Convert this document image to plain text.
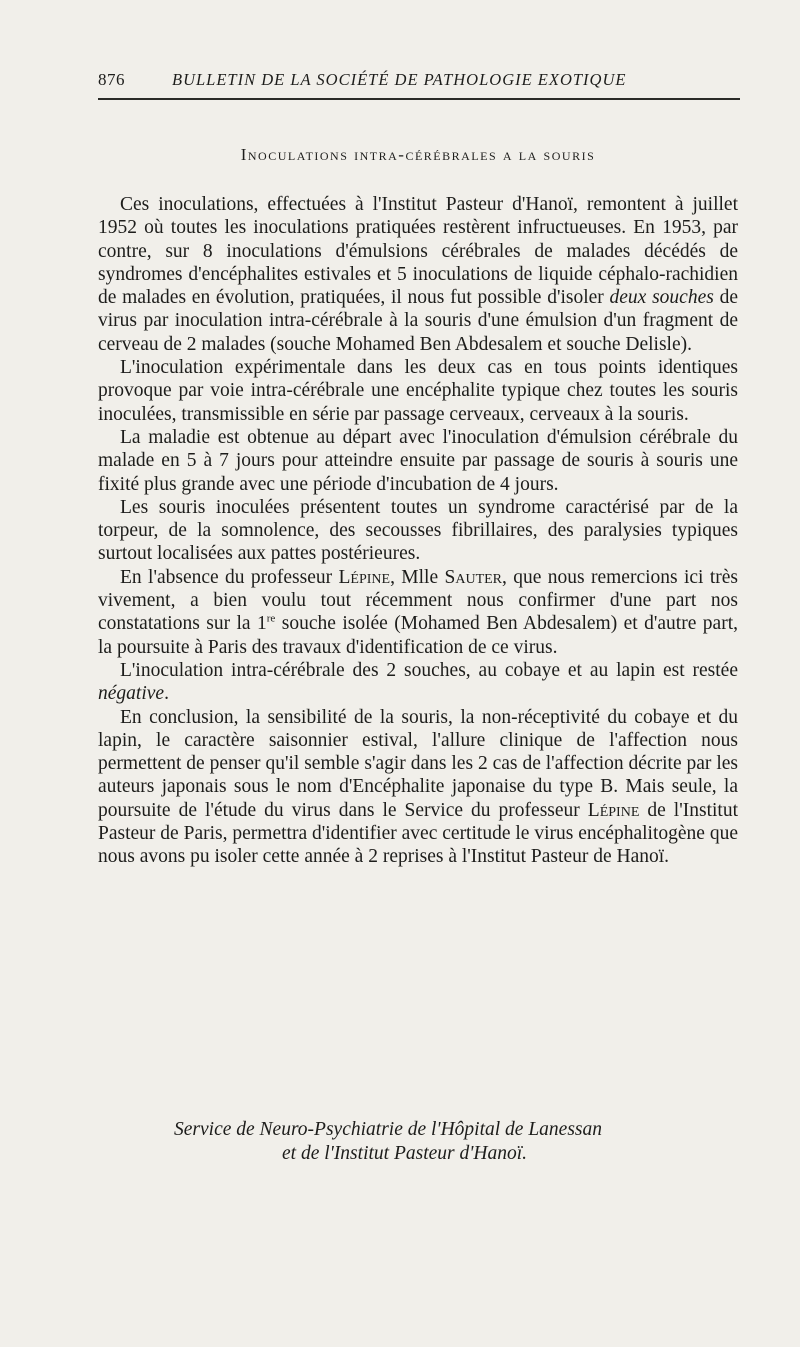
876	BULLETIN DE LA SOCIÉTÉ DE PATHOLOGIE EXOTIQUE
Inoculations intra-cérébrales a la souris

Ces inoculations, effectuées à l'Institut Pasteur d'Hanoï, remontent à juillet 1952 où toutes les inoculations pratiquées restèrent infructueuses. En 1953, par contre, sur 8 inoculations d'émulsions cérébrales de malades décédés de syndromes d'encéphalites estivales et 5 inoculations de liquide céphalo-rachidien de malades en évolution, pratiquées, il nous fut possible d'isoler deux souches de virus par inoculation intra-cérébrale à la souris d'une émulsion d'un fragment de cerveau de 2 malades (souche Mohamed Ben Abdesalem et souche Delisle).

L'inoculation expérimentale dans les deux cas en tous points identiques provoque par voie intra-cérébrale une encéphalite typique chez toutes les souris inoculées, transmissible en série par passage cerveaux, cerveaux à la souris.

La maladie est obtenue au départ avec l'inoculation d'émulsion cérébrale du malade en 5 à 7 jours pour atteindre ensuite par passage de souris à souris une fixité plus grande avec une période d'incubation de 4 jours.

Les souris inoculées présentent toutes un syndrome caractérisé par de la torpeur, de la somnolence, des secousses fibrillaires, des paralysies typiques surtout localisées aux pattes postérieures.

En l'absence du professeur Lépine, Mlle Sauter, que nous remercions ici très vivement, a bien voulu tout récemment nous confirmer d'une part nos constatations sur la 1re souche isolée (Mohamed Ben Abdesalem) et d'autre part, la poursuite à Paris des travaux d'identification de ce virus.

L'inoculation intra-cérébrale des 2 souches, au cobaye et au lapin est restée négative.

En conclusion, la sensibilité de la souris, la non-réceptivité du cobaye et du lapin, le caractère saisonnier estival, l'allure clinique de l'affection nous permettent de penser qu'il semble s'agir dans les 2 cas de l'affection décrite par les auteurs japonais sous le nom d'Encéphalite japonaise du type B. Mais seule, la poursuite de l'étude du virus dans le Service du professeur Lépine de l'Institut Pasteur de Paris, permettra d'identifier avec certitude le virus encéphalitogène que nous avons pu isoler cette année à 2 reprises à l'Institut Pasteur de Hanoï.

Service de Neuro-Psychiatrie de l'Hôpital de Lanessan
et de l'Institut Pasteur d'Hanoï.
